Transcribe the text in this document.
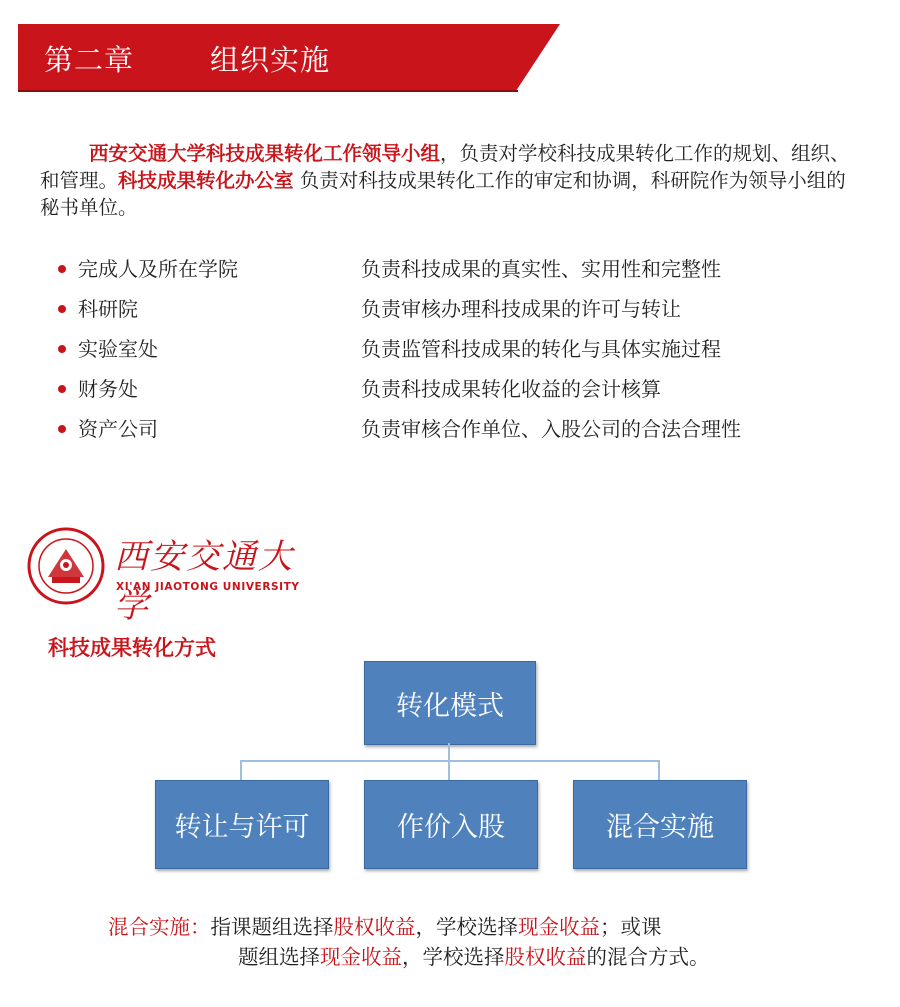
第二章	组织实施
西安交通大学科技成果转化工作领导小组，负责对学校科技成果转化工作的规划、组织、和管理。科技成果转化办公室 负责对科技成果转化工作的审定和协调，科研院作为领导小组的秘书单位。
完成人及所在学院	负责科技成果的真实性、实用性和完整性
科研院	负责审核办理科技成果的许可与转让
实验室处	负责监管科技成果的转化与具体实施过程
财务处	负责科技成果转化收益的会计核算
资产公司	负责审核合作单位、入股公司的合法合理性
西安交通大学
XI'AN JIAOTONG UNIVERSITY
科技成果转化方式
转化模式
转让与许可	作价入股	混合实施
混合实施：指课题组选择股权收益，学校选择现金收益；或课
题组选择现金收益，学校选择股权收益的混合方式。
